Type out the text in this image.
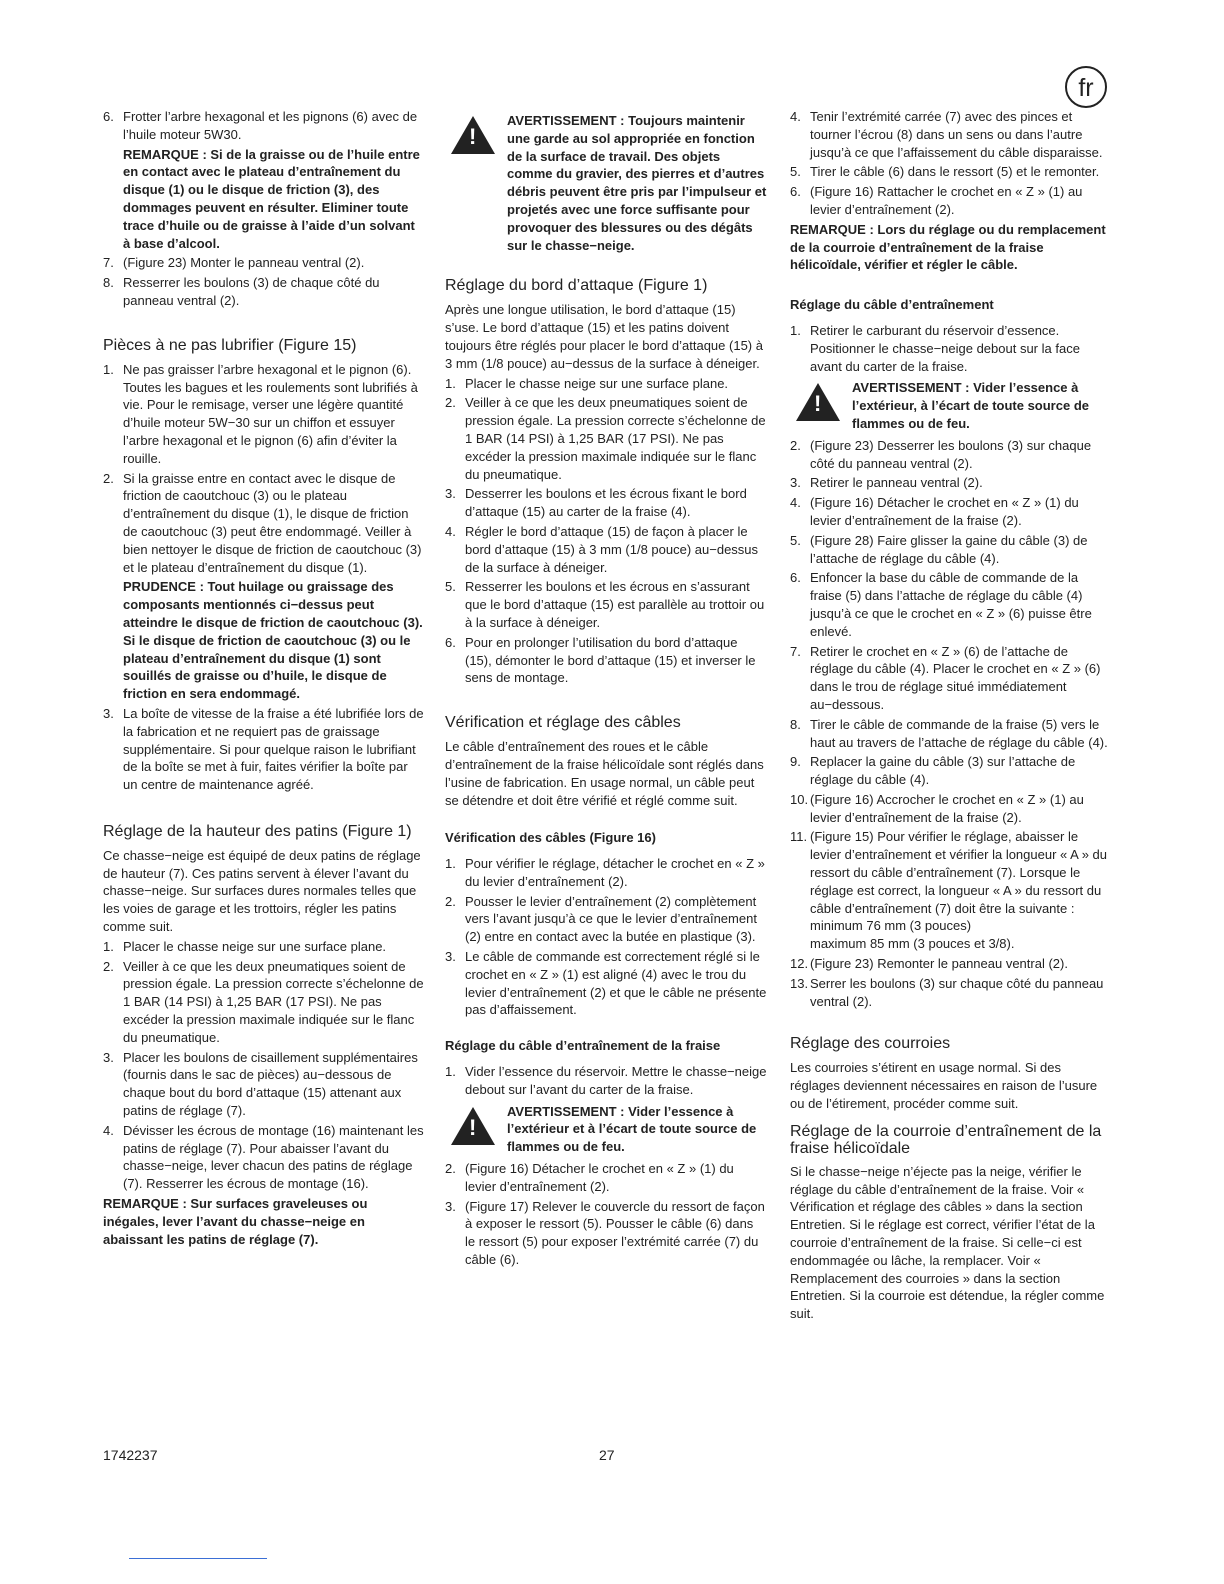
fr
6. Frotter l’arbre hexagonal et les pignons (6) avec de l’huile moteur 5W30.
REMARQUE : Si de la graisse ou de l’huile entre en contact avec le plateau d’entraînement du disque (1) ou le disque de friction (3), des dommages peuvent en résulter. Eliminer toute trace d’huile ou de graisse à l’aide d’un solvant à base d’alcool.
7. (Figure 23) Monter le panneau ventral (2).
8. Resserrer les boulons (3) de chaque côté du panneau ventral (2).
Pièces à ne pas lubrifier (Figure 15)
1. Ne pas graisser l’arbre hexagonal et le pignon (6). Toutes les bagues et les roulements sont lubrifiés à vie. Pour le remisage, verser une légère quantité d’huile moteur 5W−30 sur un chiffon et essuyer l’arbre hexagonal et le pignon (6) afin d’éviter la rouille.
2. Si la graisse entre en contact avec le disque de friction de caoutchouc (3) ou le plateau d’entraînement du disque (1), le disque de friction de caoutchouc (3) peut être endommagé. Veiller à bien nettoyer le disque de friction de caoutchouc (3) et le plateau d’entraînement du disque (1).
PRUDENCE : Tout huilage ou graissage des composants mentionnés ci−dessus peut atteindre le disque de friction de caoutchouc (3). Si le disque de friction de caoutchouc (3) ou le plateau d’entraînement du disque (1) sont souillés de graisse ou d’huile, le disque de friction en sera endommagé.
3. La boîte de vitesse de la fraise a été lubrifiée lors de la fabrication et ne requiert pas de graissage supplémentaire. Si pour quelque raison le lubrifiant de la boîte se met à fuir, faites vérifier la boîte par un centre de maintenance agréé.
Réglage de la hauteur des patins (Figure 1)
Ce chasse−neige est équipé de deux patins de réglage de hauteur (7). Ces patins servent à élever l’avant du chasse−neige. Sur surfaces dures normales telles que les voies de garage et les trottoirs, régler les patins comme suit.
1. Placer le chasse neige sur une surface plane.
2. Veiller à ce que les deux pneumatiques soient de pression égale. La pression correcte s’échelonne de 1 BAR (14 PSI) à 1,25 BAR (17 PSI). Ne pas excéder la pression maximale indiquée sur le flanc du pneumatique.
3. Placer les boulons de cisaillement supplémentaires (fournis dans le sac de pièces) au−dessous de chaque bout du bord d’attaque (15) attenant aux patins de réglage (7).
4. Dévisser les écrous de montage (16) maintenant les patins de réglage (7). Pour abaisser l’avant du chasse−neige, lever chacun des patins de réglage (7). Resserrer les écrous de montage (16).
REMARQUE : Sur surfaces graveleuses ou inégales, lever l’avant du chasse−neige en abaissant les patins de réglage (7).
!
AVERTISSEMENT : Toujours maintenir une garde au sol appropriée en fonction de la surface de travail. Des objets comme du gravier, des pierres et d’autres débris peuvent être pris par l’impulseur et projetés avec une force suffisante pour provoquer des blessures ou des dégâts sur le chasse−neige.
Réglage du bord d’attaque (Figure 1)
Après une longue utilisation, le bord d’attaque (15) s’use. Le bord d’attaque (15) et les patins doivent toujours être réglés pour placer le bord d’attaque (15) à 3 mm (1/8 pouce) au−dessus de la surface à déneiger.
1. Placer le chasse neige sur une surface plane.
2. Veiller à ce que les deux pneumatiques soient de pression égale. La pression correcte s’échelonne de 1 BAR (14 PSI) à 1,25 BAR (17 PSI). Ne pas excéder la pression maximale indiquée sur le flanc du pneumatique.
3. Desserrer les boulons et les écrous fixant le bord d’attaque (15) au carter de la fraise (4).
4. Régler le bord d’attaque (15) de façon à placer le bord d’attaque (15) à 3 mm (1/8 pouce) au−dessus de la surface à déneiger.
5. Resserrer les boulons et les écrous en s’assurant que le bord d’attaque (15) est parallèle au trottoir ou à la surface à déneiger.
6. Pour en prolonger l’utilisation du bord d’attaque (15), démonter le bord d’attaque (15) et inverser le sens de montage.
Vérification et réglage des câbles
Le câble d’entraînement des roues et le câble d’entraînement de la fraise hélicoïdale sont réglés dans l’usine de fabrication. En usage normal, un câble peut se détendre et doit être vérifié et réglé comme suit.
Vérification des câbles (Figure 16)
1. Pour vérifier le réglage, détacher le crochet en « Z » du levier d’entraînement (2).
2. Pousser le levier d’entraînement (2) complètement vers l’avant jusqu’à ce que le levier d’entraînement (2) entre en contact avec la butée en plastique (3).
3. Le câble de commande est correctement réglé si le crochet en « Z » (1) est aligné (4) avec le trou du levier d’entraînement (2) et que le câble ne présente pas d’affaissement.
Réglage du câble d’entraînement de la fraise
1. Vider l’essence du réservoir. Mettre le chasse−neige debout sur l’avant du carter de la fraise.
!
AVERTISSEMENT : Vider l’essence à l’extérieur et à l’écart de toute source de flammes ou de feu.
2. (Figure 16) Détacher le crochet en « Z » (1) du levier d’entraînement (2).
3. (Figure 17) Relever le couvercle du ressort de façon à exposer le ressort (5). Pousser le câble (6) dans le ressort (5) pour exposer l’extrémité carrée (7) du câble (6).
4. Tenir l’extrémité carrée (7) avec des pinces et tourner l’écrou (8) dans un sens ou dans l’autre jusqu’à ce que l’affaissement du câble disparaisse.
5. Tirer le câble (6) dans le ressort (5) et le remonter.
6. (Figure 16) Rattacher le crochet en « Z » (1) au levier d’entraînement (2).
REMARQUE : Lors du réglage ou du remplacement de la courroie d’entraînement de la fraise hélicoïdale, vérifier et régler le câble.
Réglage du câble d’entraînement
1. Retirer le carburant du réservoir d’essence. Positionner le chasse−neige debout sur la face avant du carter de la fraise.
!
AVERTISSEMENT : Vider l’essence à l’extérieur, à l’écart de toute source de flammes ou de feu.
2. (Figure 23) Desserrer les boulons (3) sur chaque côté du panneau ventral (2).
3. Retirer le panneau ventral (2).
4. (Figure 16) Détacher le crochet en « Z » (1) du levier d’entraînement de la fraise (2).
5. (Figure 28) Faire glisser la gaine du câble (3) de l’attache de réglage du câble (4).
6. Enfoncer la base du câble de commande de la fraise (5) dans l’attache de réglage du câble (4) jusqu’à ce que le crochet en « Z » (6) puisse être enlevé.
7. Retirer le crochet en « Z » (6) de l’attache de réglage du câble (4). Placer le crochet en « Z » (6) dans le trou de réglage situé immédiatement au−dessous.
8. Tirer le câble de commande de la fraise (5) vers le haut au travers de l’attache de réglage du câble (4).
9. Replacer la gaine du câble (3) sur l’attache de réglage du câble (4).
10. (Figure 16) Accrocher le crochet en « Z » (1) au levier d’entraînement de la fraise (2).
11. (Figure 15) Pour vérifier le réglage, abaisser le levier d’entraînement et vérifier la longueur « A » du ressort du câble d’entraînement (7). Lorsque le réglage est correct, la longueur « A » du ressort du câble d’entraînement (7) doit être la suivante :
minimum 76 mm (3 pouces)
maximum 85 mm (3 pouces et 3/8).
12. (Figure 23) Remonter le panneau ventral (2).
13. Serrer les boulons (3) sur chaque côté du panneau ventral (2).
Réglage des courroies
Les courroies s’étirent en usage normal. Si des réglages deviennent nécessaires en raison de l’usure ou de l’étirement, procéder comme suit.
Réglage de la courroie d’entraînement de la fraise hélicoïdale
Si le chasse−neige n’éjecte pas la neige, vérifier le réglage du câble d’entraînement de la fraise. Voir « Vérification et réglage des câbles » dans la section Entretien. Si le réglage est correct, vérifier l’état de la courroie d’entraînement de la fraise. Si celle−ci est endommagée ou lâche, la remplacer. Voir « Remplacement des courroies » dans la section Entretien. Si la courroie est détendue, la régler comme suit.
1742237	27
